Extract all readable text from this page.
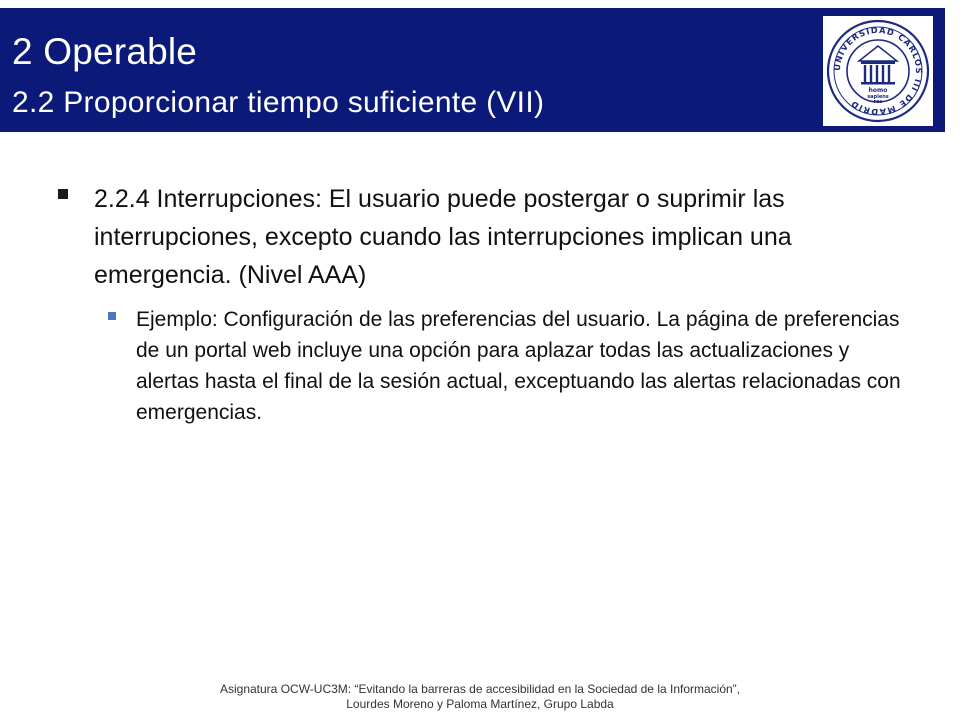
2 Operable
2.2 Proporcionar tiempo suficiente (VII)
UNIVERSIDAD CARLOS III DE MADRID
homo
sapiens
res
2.2.4 Interrupciones: El usuario puede postergar o suprimir las interrupciones, excepto cuando las interrupciones implican una emergencia. (Nivel AAA)
Ejemplo: Configuración de las preferencias del usuario. La página de preferencias de un portal web incluye una opción para aplazar todas las actualizaciones y alertas hasta el final de la sesión actual, exceptuando las alertas relacionadas con emergencias.
Asignatura OCW-UC3M: “Evitando la barreras de accesibilidad en la Sociedad de la Información”,
Lourdes Moreno y Paloma Martínez, Grupo Labda
